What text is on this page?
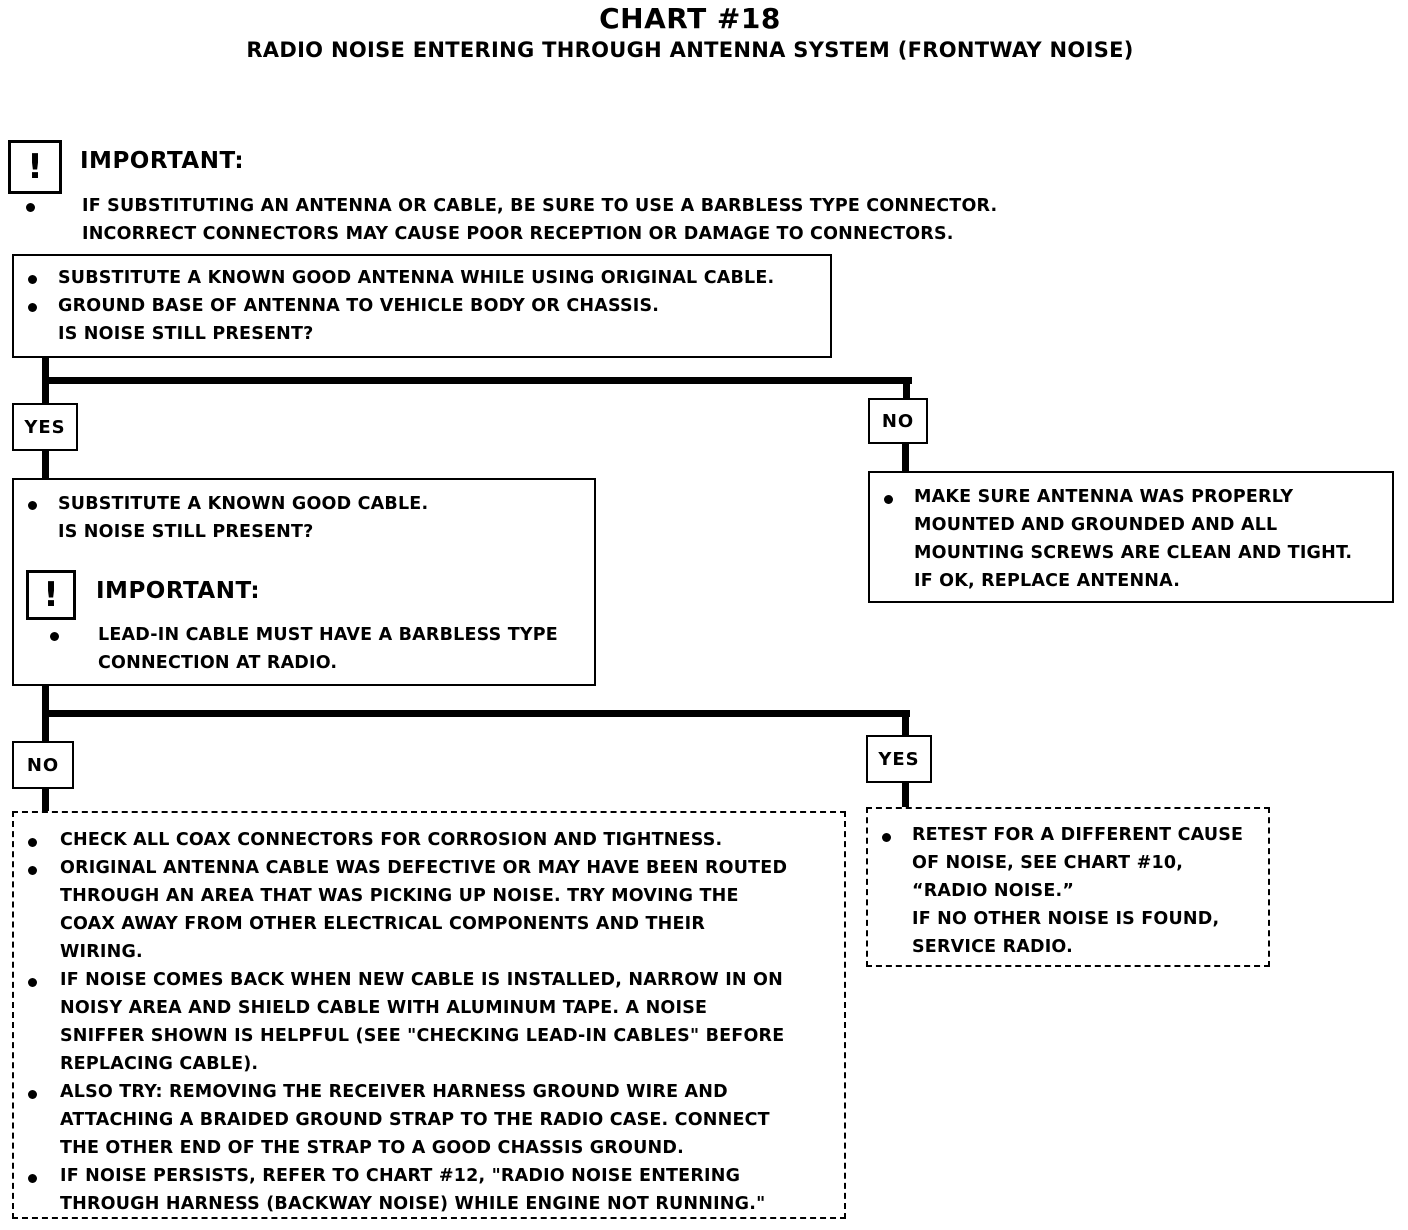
CHART #18
RADIO NOISE ENTERING THROUGH ANTENNA SYSTEM (FRONTWAY NOISE)
!	IMPORTANT:
IF SUBSTITUTING AN ANTENNA OR CABLE, BE SURE TO USE A BARBLESS TYPE CONNECTOR.
INCORRECT CONNECTORS MAY CAUSE POOR RECEPTION OR DAMAGE TO CONNECTORS.
SUBSTITUTE A KNOWN GOOD ANTENNA WHILE USING ORIGINAL CABLE.
GROUND BASE OF ANTENNA TO VEHICLE BODY OR CHASSIS.
IS NOISE STILL PRESENT?
YES	NO
SUBSTITUTE A KNOWN GOOD CABLE.
IS NOISE STILL PRESENT?
!	IMPORTANT:
LEAD-IN CABLE MUST HAVE A BARBLESS TYPE
CONNECTION AT RADIO.
MAKE SURE ANTENNA WAS PROPERLY
MOUNTED AND GROUNDED AND ALL
MOUNTING SCREWS ARE CLEAN AND TIGHT.
IF OK, REPLACE ANTENNA.
NO	YES
CHECK ALL COAX CONNECTORS FOR CORROSION AND TIGHTNESS.
ORIGINAL ANTENNA CABLE WAS DEFECTIVE OR MAY HAVE BEEN ROUTED
THROUGH AN AREA THAT WAS PICKING UP NOISE. TRY MOVING THE
COAX AWAY FROM OTHER ELECTRICAL COMPONENTS AND THEIR
WIRING.
IF NOISE COMES BACK WHEN NEW CABLE IS INSTALLED, NARROW IN ON
NOISY AREA AND SHIELD CABLE WITH ALUMINUM TAPE. A NOISE
SNIFFER SHOWN IS HELPFUL (SEE "CHECKING LEAD-IN CABLES" BEFORE
REPLACING CABLE).
ALSO TRY: REMOVING THE RECEIVER HARNESS GROUND WIRE AND
ATTACHING A BRAIDED GROUND STRAP TO THE RADIO CASE. CONNECT
THE OTHER END OF THE STRAP TO A GOOD CHASSIS GROUND.
IF NOISE PERSISTS, REFER TO CHART #12, "RADIO NOISE ENTERING
THROUGH HARNESS (BACKWAY NOISE) WHILE ENGINE NOT RUNNING."
RETEST FOR A DIFFERENT CAUSE
OF NOISE, SEE CHART #10,
“RADIO NOISE.”
IF NO OTHER NOISE IS FOUND,
SERVICE RADIO.
